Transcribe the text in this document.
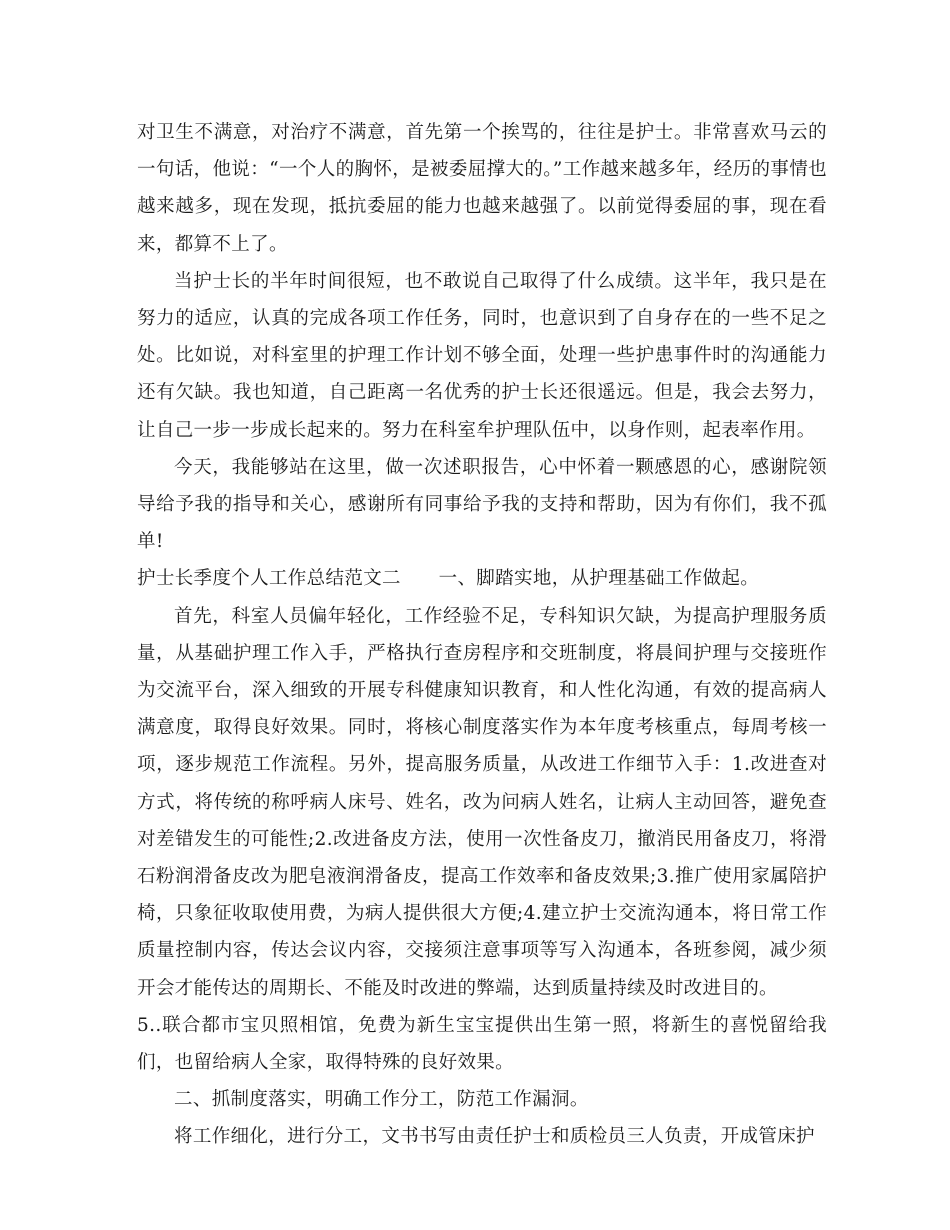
对卫生不满意，对治疗不满意，首先第一个挨骂的，往往是护士。非常喜欢马云的一句话，他说：“一个人的胸怀，是被委屈撑大的。”工作越来越多年，经历的事情也越来越多，现在发现，抵抗委屈的能力也越来越强了。以前觉得委屈的事，现在看来，都算不上了。

当护士长的半年时间很短，也不敢说自己取得了什么成绩。这半年，我只是在努力的适应，认真的完成各项工作任务，同时，也意识到了自身存在的一些不足之处。比如说，对科室里的护理工作计划不够全面，处理一些护患事件时的沟通能力还有欠缺。我也知道，自己距离一名优秀的护士长还很遥远。但是，我会去努力，让自己一步一步成长起来的。努力在科室牟护理队伍中，以身作则，起表率作用。

今天，我能够站在这里，做一次述职报告，心中怀着一颗感恩的心，感谢院领导给予我的指导和关心，感谢所有同事给予我的支持和帮助，因为有你们，我不孤单!

护士长季度个人工作总结范文二　　一、脚踏实地，从护理基础工作做起。

首先，科室人员偏年轻化，工作经验不足，专科知识欠缺，为提高护理服务质量，从基础护理工作入手，严格执行查房程序和交班制度，将晨间护理与交接班作为交流平台，深入细致的开展专科健康知识教育，和人性化沟通，有效的提高病人满意度，取得良好效果。同时，将核心制度落实作为本年度考核重点，每周考核一项，逐步规范工作流程。另外，提高服务质量，从改进工作细节入手：1.改进查对方式，将传统的称呼病人床号、姓名，改为问病人姓名，让病人主动回答，避免查对差错发生的可能性;2.改进备皮方法，使用一次性备皮刀，撤消民用备皮刀，将滑石粉润滑备皮改为肥皂液润滑备皮，提高工作效率和备皮效果;3.推广使用家属陪护椅，只象征收取使用费，为病人提供很大方便;4.建立护士交流沟通本，将日常工作质量控制内容，传达会议内容，交接须注意事项等写入沟通本，各班参阅，减少须开会才能传达的周期长、不能及时改进的弊端，达到质量持续及时改进目的。

5..联合都市宝贝照相馆，免费为新生宝宝提供出生第一照，将新生的喜悦留给我们，也留给病人全家，取得特殊的良好效果。

二、抓制度落实，明确工作分工，防范工作漏洞。

将工作细化，进行分工，文书书写由责任护士和质检员三人负责，开成管床护
